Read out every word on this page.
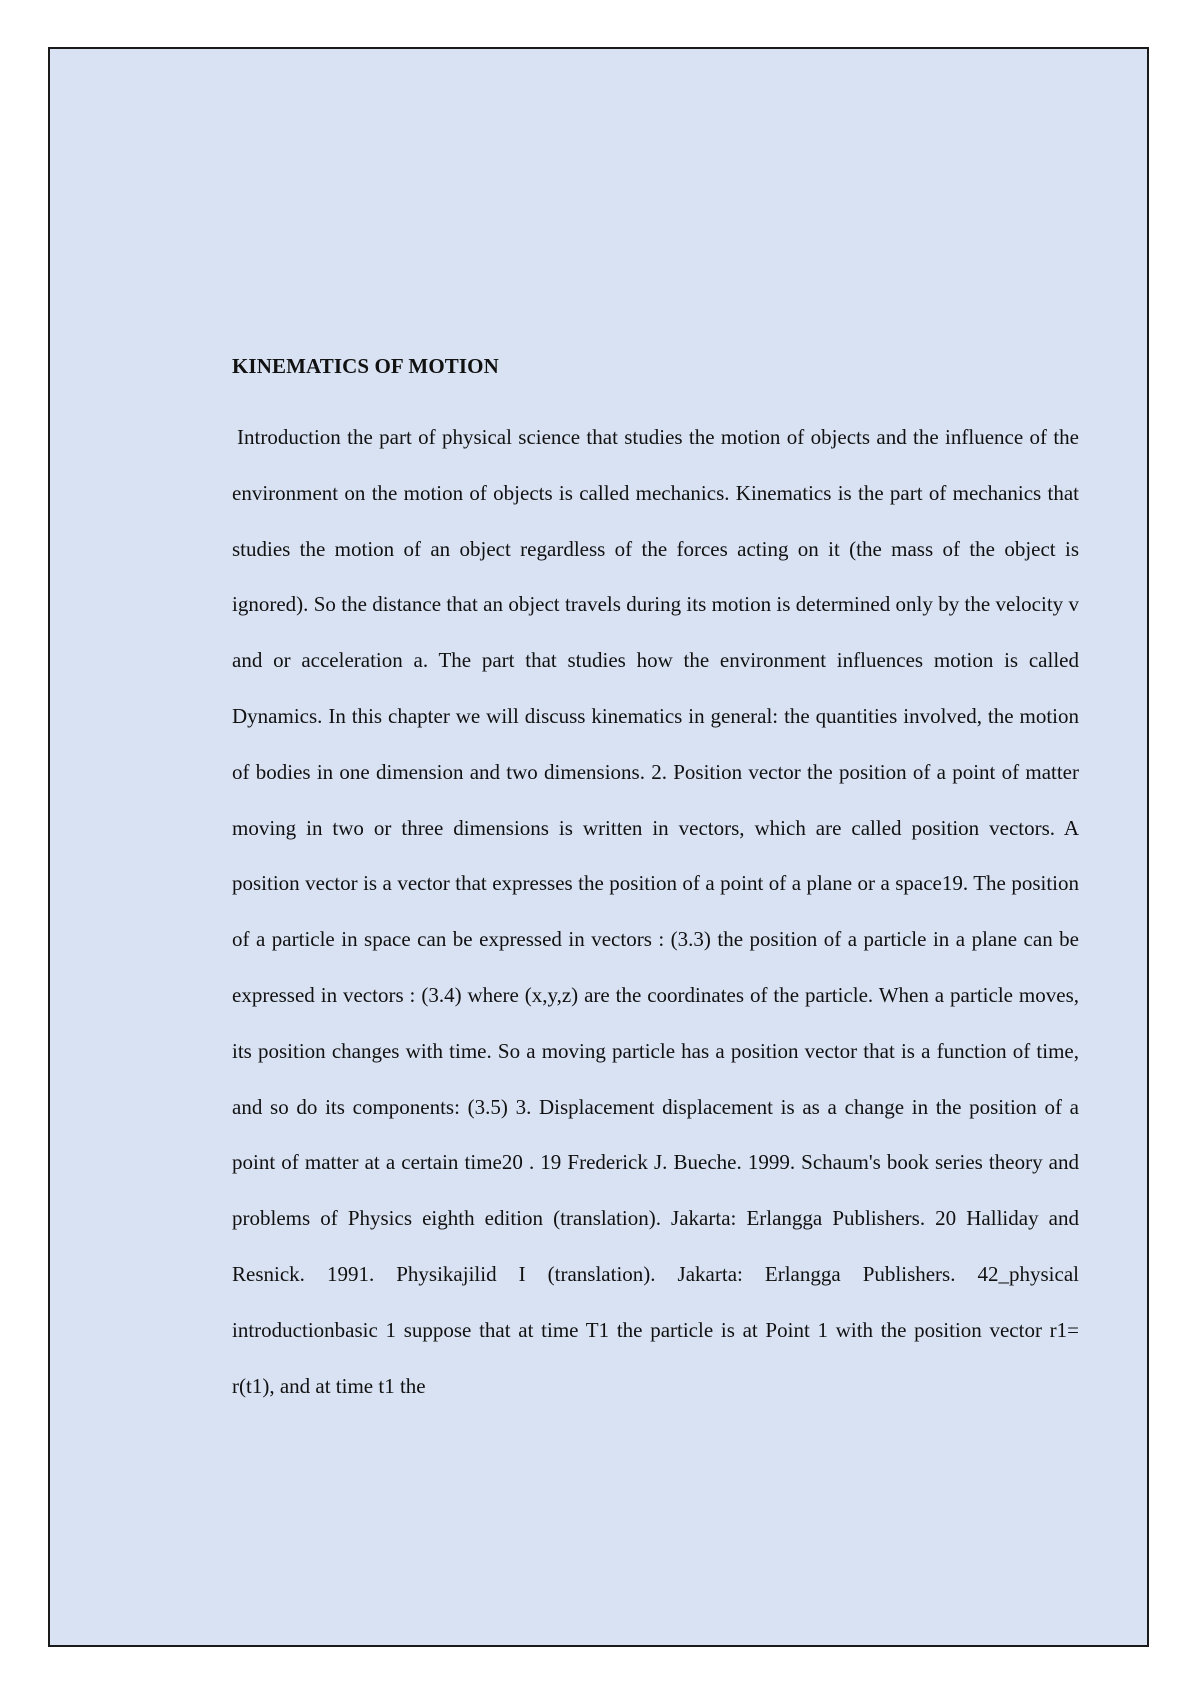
KINEMATICS OF MOTION

Introduction the part of physical science that studies the motion of objects and the influence of the environment on the motion of objects is called mechanics. Kinematics is the part of mechanics that studies the motion of an object regardless of the forces acting on it (the mass of the object is ignored). So the distance that an object travels during its motion is determined only by the velocity v and or acceleration a. The part that studies how the environment influences motion is called Dynamics. In this chapter we will discuss kinematics in general: the quantities involved, the motion of bodies in one dimension and two dimensions. 2. Position vector the position of a point of matter moving in two or three dimensions is written in vectors, which are called position vectors. A position vector is a vector that expresses the position of a point of a plane or a space19. The position of a particle in space can be expressed in vectors : (3.3) the position of a particle in a plane can be expressed in vectors : (3.4) where (x,y,z) are the coordinates of the particle. When a particle moves, its position changes with time. So a moving particle has a position vector that is a function of time, and so do its components: (3.5) 3. Displacement displacement is as a change in the position of a point of matter at a certain time20 . 19 Frederick J. Bueche. 1999. Schaum's book series theory and problems of Physics eighth edition (translation). Jakarta: Erlangga Publishers. 20 Halliday and Resnick. 1991. Physikajilid I (translation). Jakarta: Erlangga Publishers. 42_physical introductionbasic 1 suppose that at time T1 the particle is at Point 1 with the position vector r1= r(t1), and at time t1 the
